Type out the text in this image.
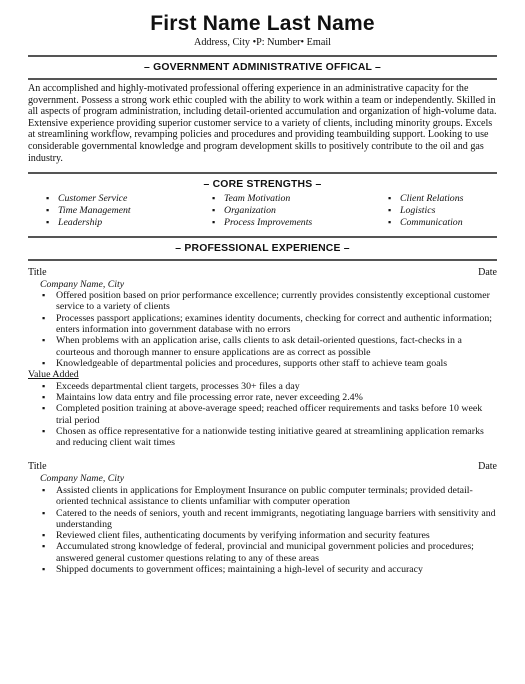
First Name Last Name
Address, City •P: Number• Email
– GOVERNMENT ADMINISTRATIVE OFFICAL –
An accomplished and highly-motivated professional offering experience in an administrative capacity for the government. Possess a strong work ethic coupled with the ability to work within a team or independently. Skilled in all aspects of program administration, including detail-oriented accumulation and organization of high-volume data. Extensive experience providing superior customer service to a variety of clients, including minority groups. Excels at streamlining workflow, revamping policies and procedures and providing teambuilding support. Looking to use considerable governmental knowledge and program development skills to positively contribute to the oil and gas industry.
– CORE STRENGTHS –
▪ Customer Service
▪ Time Management
▪ Leadership
▪ Team Motivation
▪ Organization
▪ Process Improvements
▪ Client Relations
▪ Logistics
▪ Communication
– PROFESSIONAL EXPERIENCE –
Title	Date
Company Name, City
▪ Offered position based on prior performance excellence; currently provides consistently exceptional customer service to a variety of clients
▪ Processes passport applications; examines identity documents, checking for correct and authentic information; enters information into government database with no errors
▪ When problems with an application arise, calls clients to ask detail-oriented questions, fact-checks in a courteous and thorough manner to ensure applications are as correct as possible
▪ Knowledgeable of departmental policies and procedures, supports other staff to achieve team goals
Value Added
▪ Exceeds departmental client targets, processes 30+ files a day
▪ Maintains low data entry and file processing error rate, never exceeding 2.4%
▪ Completed position training at above-average speed; reached officer requirements and tasks before 10 week trial period
▪ Chosen as office representative for a nationwide testing initiative geared at streamlining application remarks and reducing client wait times
Title	Date
Company Name, City
▪ Assisted clients in applications for Employment Insurance on public computer terminals; provided detail-oriented technical assistance to clients unfamiliar with computer operation
▪ Catered to the needs of seniors, youth and recent immigrants, negotiating language barriers with sensitivity and understanding
▪ Reviewed client files, authenticating documents by verifying information and security features
▪ Accumulated strong knowledge of federal, provincial and municipal government policies and procedures; answered general customer questions relating to any of these areas
▪ Shipped documents to government offices; maintaining a high-level of security and accuracy
